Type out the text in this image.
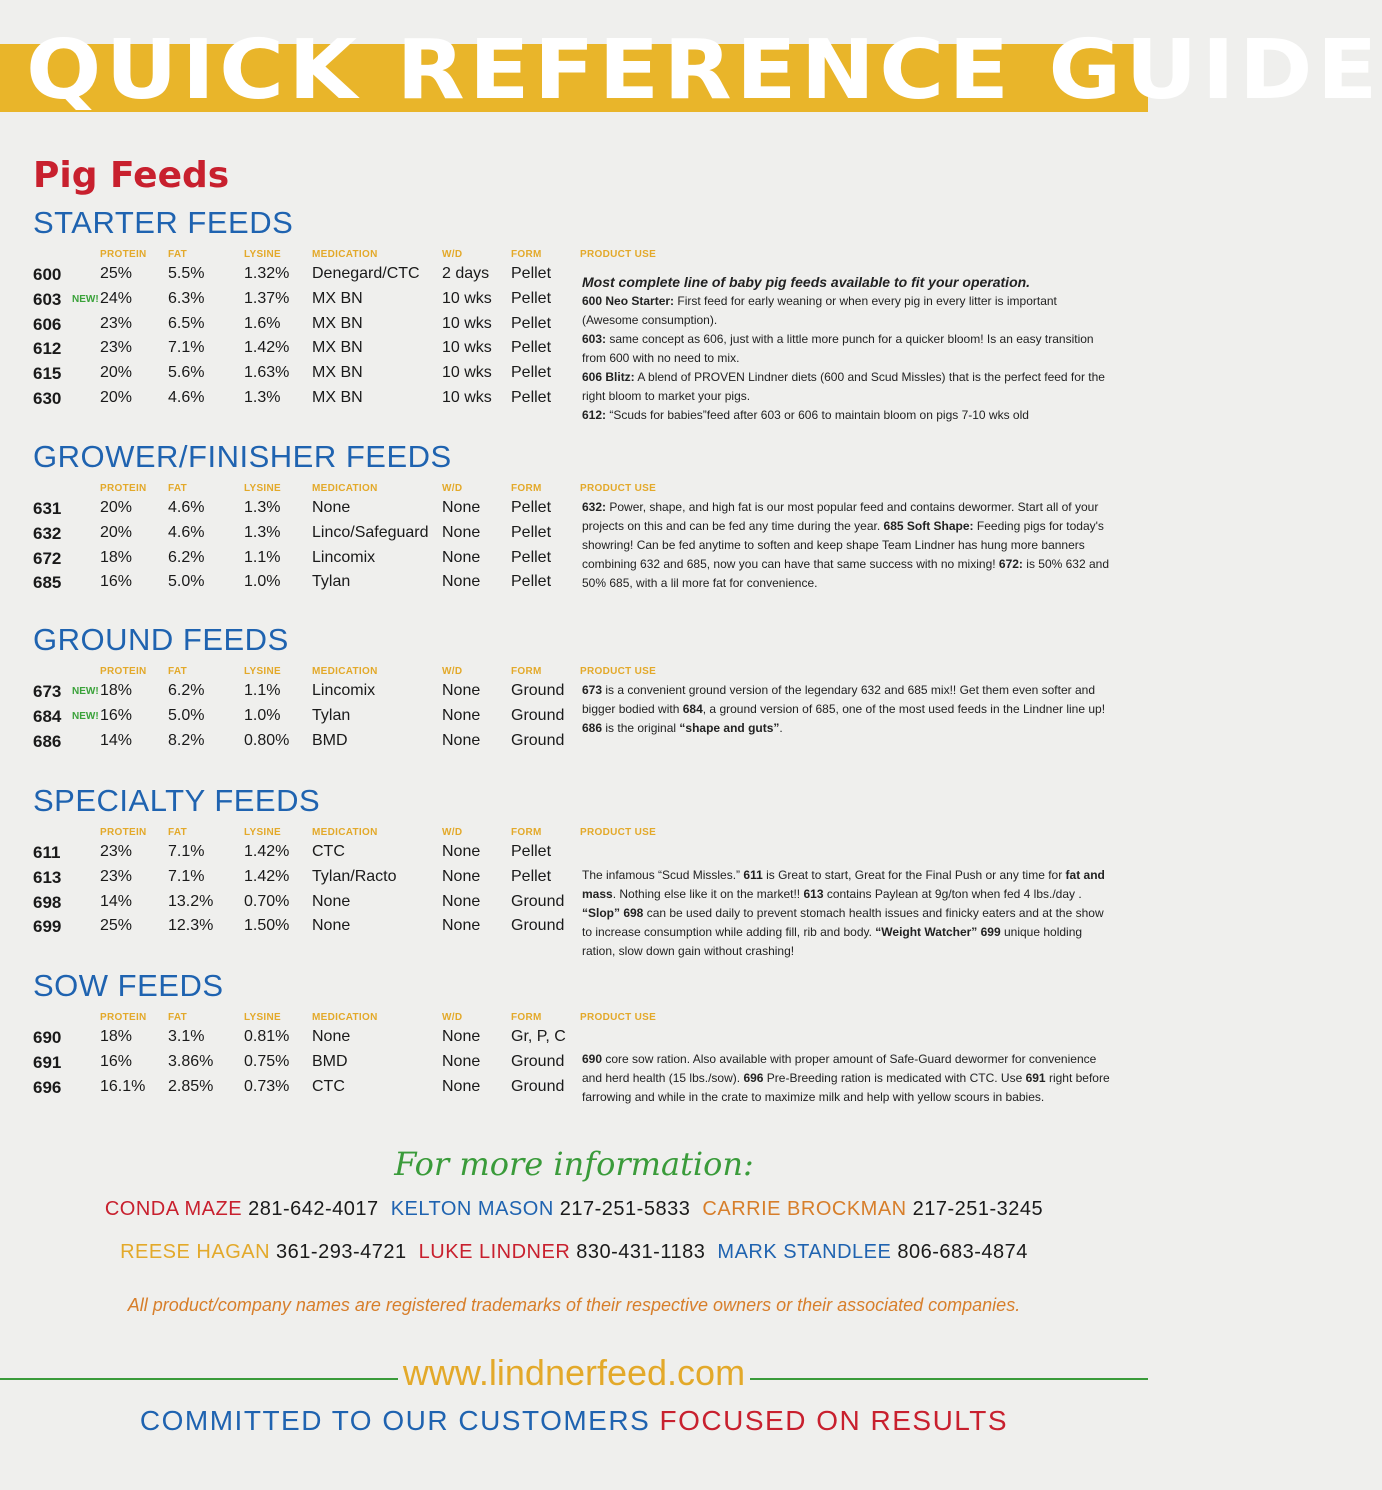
QUICK REFERENCE GUIDE
Pig Feeds
STARTER FEEDS
PROTEIN FAT	LYSINE	MEDICATION	W/D	FORM	PRODUCT USE
600 25% 5.5% 1.32% Denegard/CTC 2 days Pellet
603 NEW! 24% 6.3% 1.37% MX BN	10 wks Pellet
606 23% 6.5% 1.6% MX BN	10 wks Pellet
612 23% 7.1% 1.42% MX BN	10 wks Pellet
615 20% 5.6% 1.63% MX BN	10 wks Pellet
630 20% 4.6% 1.3% MX BN	10 wks Pellet
Most complete line of baby pig feeds available to fit your operation.
600 Neo Starter: First feed for early weaning or when every pig in every litter is important (Awesome consumption).
603: same concept as 606, just with a little more punch for a quicker bloom! Is an easy transition from 600 with no need to mix.
606 Blitz: A blend of PROVEN Lindner diets (600 and Scud Missles) that is the perfect feed for the right bloom to market your pigs.
612: “Scuds for babies”feed after 603 or 606 to maintain bloom on pigs 7-10 wks old
GROWER/FINISHER FEEDS
PROTEIN FAT	LYSINE	MEDICATION	W/D	FORM	PRODUCT USE
631 20% 4.6% 1.3% None	None Pellet
632 20% 4.6% 1.3% Linco/Safeguard None Pellet
672 18% 6.2% 1.1% Lincomix	None Pellet
685 16% 5.0% 1.0% Tylan	None Pellet
632: Power, shape, and high fat is our most popular feed and contains dewormer. Start all of your projects on this and can be fed any time during the year. 685 Soft Shape: Feeding pigs for today's showring! Can be fed anytime to soften and keep shape Team Lindner has hung more banners combining 632 and 685, now you can have that same success with no mixing! 672: is 50% 632 and 50% 685, with a lil more fat for convenience.
GROUND FEEDS
PROTEIN FAT	LYSINE	MEDICATION	W/D	FORM	PRODUCT USE
673 NEW! 18% 6.2% 1.1% Lincomix	None Ground
684 NEW! 16% 5.0% 1.0% Tylan	None Ground
686 14% 8.2% 0.80% BMD	None Ground
673 is a convenient ground version of the legendary 632 and 685 mix!! Get them even softer and bigger bodied with 684, a ground version of 685, one of the most used feeds in the Lindner line up! 686 is the original “shape and guts”.
SPECIALTY FEEDS
PROTEIN FAT	LYSINE	MEDICATION	W/D	FORM	PRODUCT USE
611 23% 7.1% 1.42% CTC	None Pellet
613 23% 7.1% 1.42% Tylan/Racto	None Pellet
698 14% 13.2% 0.70% None	None Ground
699 25% 12.3% 1.50% None	None Ground
The infamous “Scud Missles.” 611 is Great to start, Great for the Final Push or any time for fat and mass. Nothing else like it on the market!! 613 contains Paylean at 9g/ton when fed 4 lbs./day . “Slop” 698 can be used daily to prevent stomach health issues and finicky eaters and at the show to increase consumption while adding fill, rib and body. “Weight Watcher” 699 unique holding ration, slow down gain without crashing!
SOW FEEDS
PROTEIN FAT	LYSINE	MEDICATION	W/D	FORM	PRODUCT USE
690 18% 3.1% 0.81% None	None Gr, P, C
691 16% 3.86% 0.75% BMD	None Ground
696 16.1% 2.85% 0.73% CTC	None Ground
690 core sow ration. Also available with proper amount of Safe-Guard dewormer for convenience and herd health (15 lbs./sow). 696 Pre-Breeding ration is medicated with CTC. Use 691 right before farrowing and while in the crate to maximize milk and help with yellow scours in babies.
For more information:
CONDA MAZE 281-642-4017 KELTON MASON 217-251-5833 CARRIE BROCKMAN 217-251-3245
REESE HAGAN 361-293-4721 LUKE LINDNER 830-431-1183 MARK STANDLEE 806-683-4874
All product/company names are registered trademarks of their respective owners or their associated companies.
www.lindnerfeed.com
COMMITTED TO OUR CUSTOMERS FOCUSED ON RESULTS
